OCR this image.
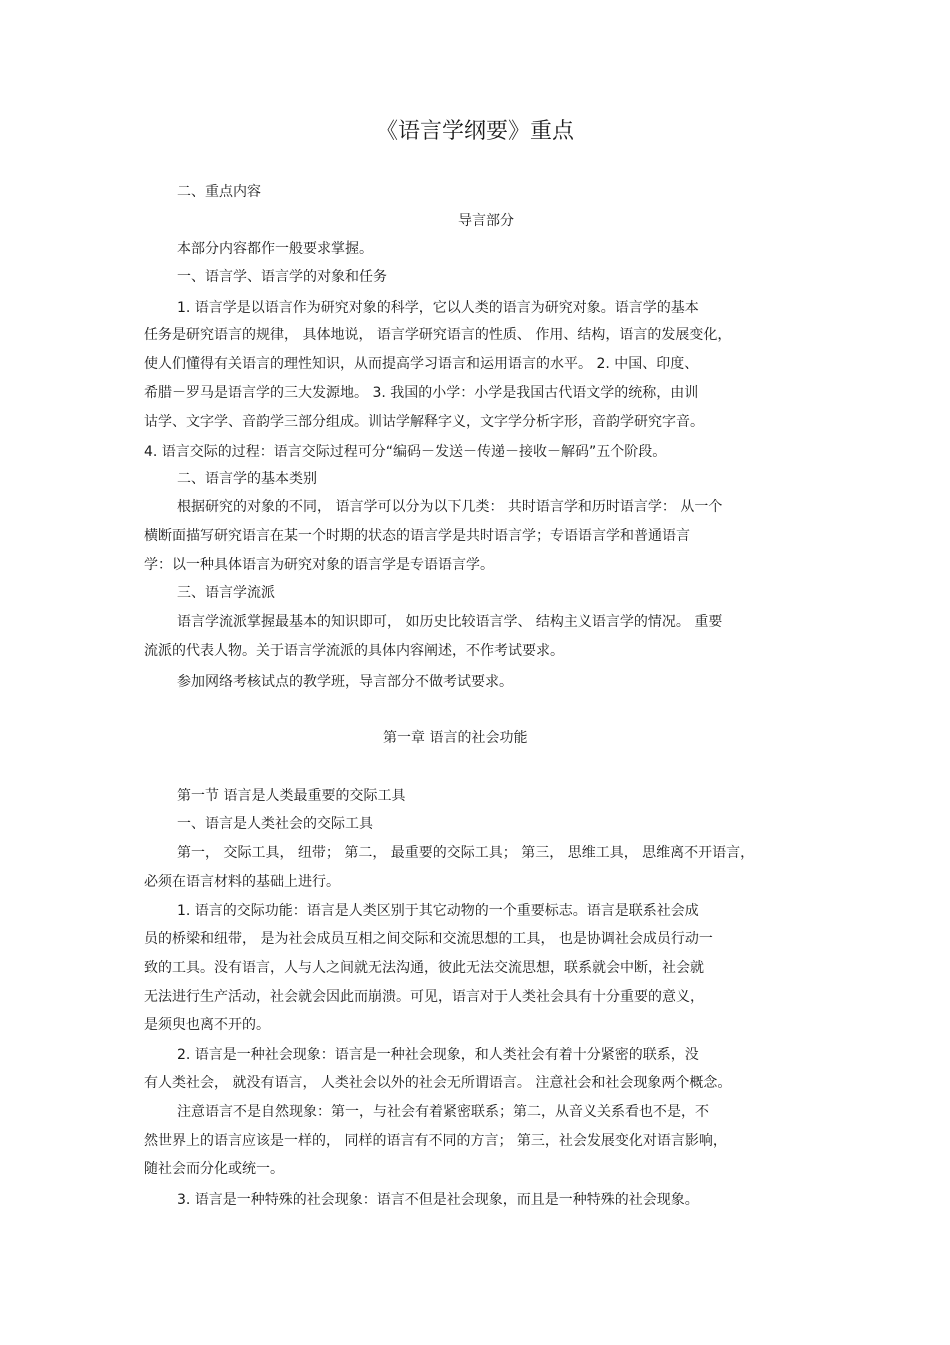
《语言学纲要》重点
二、重点内容
导言部分
本部分内容都作一般要求掌握。
一、语言学、语言学的对象和任务
1. 语言学是以语言作为研究对象的科学，它以人类的语言为研究对象。语言学的基本
任务是研究语言的规律， 具体地说， 语言学研究语言的性质、 作用、结构，语言的发展变化，
使人们懂得有关语言的理性知识，从而提高学习语言和运用语言的水平。 2. 中国、印度、
希腊－罗马是语言学的三大发源地。 3. 我国的小学：小学是我国古代语文学的统称，由训
诂学、文字学、音韵学三部分组成。训诂学解释字义，文字学分析字形，音韵学研究字音。
4. 语言交际的过程：语言交际过程可分“编码－发送－传递－接收－解码”五个阶段。
二、语言学的基本类别
根据研究的对象的不同， 语言学可以分为以下几类： 共时语言学和历时语言学： 从一个
横断面描写研究语言在某一个时期的状态的语言学是共时语言学；专语语言学和普通语言
学：以一种具体语言为研究对象的语言学是专语语言学。
三、语言学流派
语言学流派掌握最基本的知识即可， 如历史比较语言学、 结构主义语言学的情况。 重要
流派的代表人物。关于语言学流派的具体内容阐述，不作考试要求。
参加网络考核试点的教学班，导言部分不做考试要求。
第一章 语言的社会功能
第一节 语言是人类最重要的交际工具
一、语言是人类社会的交际工具
第一， 交际工具， 纽带； 第二， 最重要的交际工具； 第三， 思维工具， 思维离不开语言，
必须在语言材料的基础上进行。
1. 语言的交际功能：语言是人类区别于其它动物的一个重要标志。语言是联系社会成
员的桥梁和纽带， 是为社会成员互相之间交际和交流思想的工具， 也是协调社会成员行动一
致的工具。没有语言，人与人之间就无法沟通，彼此无法交流思想，联系就会中断，社会就
无法进行生产活动，社会就会因此而崩溃。可见，语言对于人类社会具有十分重要的意义，
是须臾也离不开的。
2. 语言是一种社会现象：语言是一种社会现象，和人类社会有着十分紧密的联系，没
有人类社会， 就没有语言， 人类社会以外的社会无所谓语言。 注意社会和社会现象两个概念。
注意语言不是自然现象：第一，与社会有着紧密联系；第二，从音义关系看也不是，不
然世界上的语言应该是一样的， 同样的语言有不同的方言； 第三，社会发展变化对语言影响，
随社会而分化或统一。
3. 语言是一种特殊的社会现象：语言不但是社会现象，而且是一种特殊的社会现象。
